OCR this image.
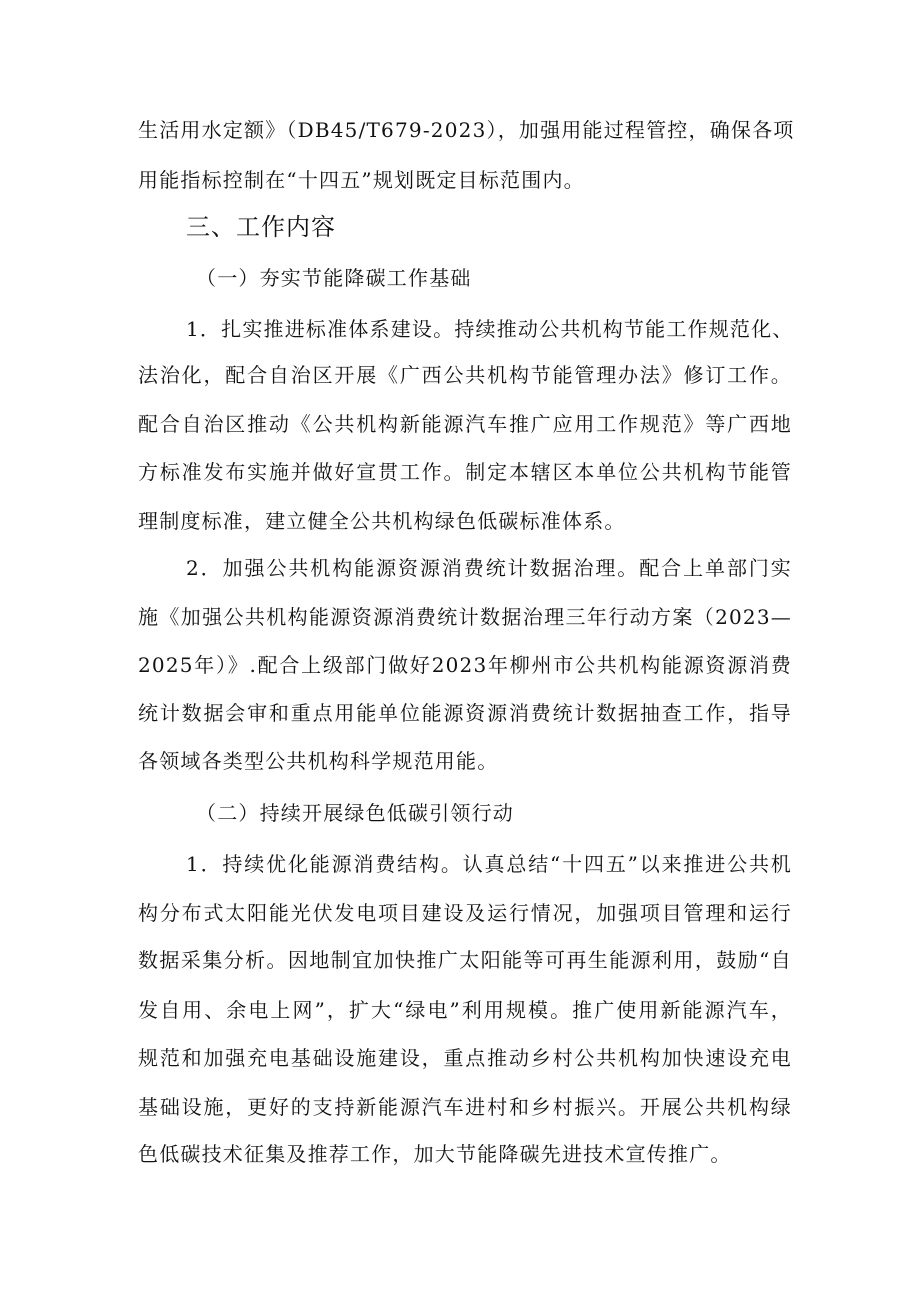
生活用水定额》（DB45/T679-2023），加强用能过程管控，确保各项
用能指标控制在“十四五”规划既定目标范围内。
三、工作内容
（一）夯实节能降碳工作基础
1．扎实推进标准体系建设。持续推动公共机构节能工作规范化、
法治化，配合自治区开展《广西公共机构节能管理办法》修订工作。
配合自治区推动《公共机构新能源汽车推广应用工作规范》等广西地
方标准发布实施并做好宣贯工作。制定本辖区本单位公共机构节能管
理制度标准，建立健全公共机构绿色低碳标准体系。
2．加强公共机构能源资源消费统计数据治理。配合上单部门实
施《加强公共机构能源资源消费统计数据治理三年行动方案（2023—
2025年）》.配合上级部门做好2023年柳州市公共机构能源资源消费
统计数据会审和重点用能单位能源资源消费统计数据抽查工作，指导
各领域各类型公共机构科学规范用能。
（二）持续开展绿色低碳引领行动
1．持续优化能源消费结构。认真总结“十四五”以来推进公共机
构分布式太阳能光伏发电项目建设及运行情况，加强项目管理和运行
数据采集分析。因地制宜加快推广太阳能等可再生能源利用，鼓励“自
发自用、余电上网”，扩大“绿电”利用规模。推广使用新能源汽车，
规范和加强充电基础设施建设，重点推动乡村公共机构加快速设充电
基础设施，更好的支持新能源汽车进村和乡村振兴。开展公共机构绿
色低碳技术征集及推荐工作，加大节能降碳先进技术宣传推广。
